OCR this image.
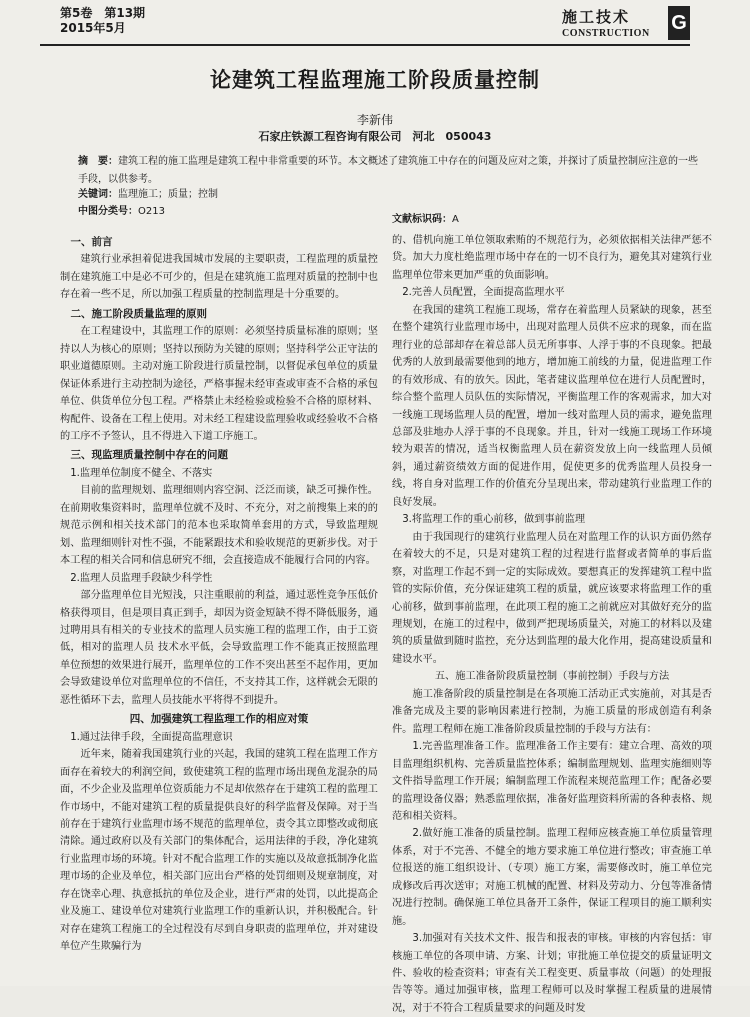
第5卷　第13期
2015年5月
施工技术
CONSTRUCTION G
论建筑工程监理施工阶段质量控制
李新伟
石家庄铁源工程咨询有限公司　河北　050043
摘　要：建筑工程的施工监理是建筑工程中非常重要的环节。本文概述了建筑施工中存在的问题及应对之策，并探讨了质量控制应注意的一些手段，以供参考。
关键词：监理施工；质量；控制
中图分类号：O213
文献标识码：A
一、前言

建筑行业承担着促进我国城市发展的主要职责，工程监理的质量控制在建筑施工中是必不可少的，但是在建筑施工监理对质量的控制中也存在着一些不足，所以加强工程质量的控制监理是十分重要的。

二、施工阶段质量监理的原则

在工程建设中，其监理工作的原则：必须坚持质量标准的原则；坚持以人为核心的原则；坚持以预防为关键的原则；坚持科学公正守法的职业道德原则。主动对施工阶段进行质量控制，以督促承包单位的质量保证体系进行主动控制为途径，严格事握未经审查或审查不合格的承包单位、供货单位分包工程。严格禁止未经检验或检验不合格的原材料、构配件、设备在工程上使用。对未经工程建设监理验收或经验收不合格的工序不予签认，且不得进入下道工序施工。

三、现监理质量控制中存在的问题
1.监理单位制度不健全、不落实

目前的监理规划、监理细则内容空洞、泛泛而谈，缺乏可操作性。在前期收集资料时，监理单位就不及时、不充分，对之前搜集上来的的规范示例和相关技术部门的范本也采取简单套用的方式，导致监理规划、监理细则针对性不强，不能紧跟技术和验收规范的更新步伐。对于本工程的相关合同和信息研究不细，会直接造成不能履行合同的内容。

2.监理人员监理手段缺少科学性

部分监理单位目光短浅，只注重眼前的利益，通过恶性竞争压低价格获得项目，但是项目真正到手，却因为资金短缺不得不降低服务，通过聘用具有相关的专业技术的监理人员实施工程的监理工作，由于工资低，相对的监理人员 技术水平低，会导致监理工作不能真正按照监理单位预想的效果进行展开，监理单位的工作不突出甚至不起作用，更加会导致建设单位对监理单位的不信任，不支持其工作，这样就会无限的恶性循环下去，监理人员技能水平将得不到提升。

四、加强建筑工程监理工作的相应对策
1.通过法律手段，全面提高监理意识

近年来，随着我国建筑行业的兴起，我国的建筑工程在监理工作方面存在着较大的利润空间，致使建筑工程的监理市场出现鱼龙混杂的局面，不少企业及监理单位资质能力不足却依然存在于建筑工程的监理工作市场中，不能对建筑工程的质量提供良好的科学监督及保障。对于当前存在于建筑行业监理市场不规范的监理单位，责令其立即整改或彻底清除。通过政府以及有关部门的集体配合，运用法律的手段，净化建筑行业监理市场的环境。针对不配合监理工作的实施以及故意抵制净化监理市场的企业及单位，相关部门应出台严格的处罚细则及规章制度，对存在饶幸心理、执意抵抗的单位及企业，进行严肃的处罚，以此提高企业及施工、建设单位对建筑行业监理工作的重新认识，并积极配合。针对存在建筑工程施工的全过程没有尽到自身职责的监理单位，并对建设单位产生欺骗行为

的、借机向施工单位领取索贿的不规范行为，必须依据相关法律严惩不贷。加大力度杜绝监理市场中存在的一切不良行为，避免其对建筑行业监理单位带来更加严重的负面影响。

2.完善人员配置，全面提高监理水平

在我国的建筑工程施工现场，常存在着监理人员紧缺的现象，甚至在整个建筑行业监理市场中，出现对监理人员供不应求的现象，而在监理行业的总部却存在着总部人员无所事事、人浮于事的不良现象。把最优秀的人放到最需要他到的地方，增加施工前线的力量，促进监理工作的有效形成、有的放矢。因此，笔者建议监理单位在进行人员配置时，综合整个监理人员队伍的实际情况，平衡监理工作的客观需求，加大对一线施工现场监理人员的配置，增加一线对监理人员的需求，避免监理总部及驻地办人浮于事的不良现象。并且，针对一线施工现场工作环境较为艰苦的情况，适当权衡监理人员在薪资发放上向一线监理人员倾斜，通过薪资绩效方面的促进作用，促使更多的优秀监理人员投身一线，将自身对监理工作的价值充分呈现出来，带动建筑行业监理工作的良好发展。

3.将监理工作的重心前移，做到事前监理

由于我国现行的建筑行业监理人员在对监理工作的认识方面仍然存在着较大的不足，只是对建筑工程的过程进行监督或者简单的事后监察，对监理工作起不到一定的实际成效。要想真正的发挥建筑工程中监管的实际价值，充分保证建筑工程的质量，就应该要求将监理工作的重心前移，做到事前监理，在此项工程的施工之前就应对其做好充分的监理规划，在施工的过程中，做到严把现场质量关，对施工的材料以及建筑的质量做到随时监控，充分达到监理的最大化作用，提高建设质量和建设水平。

五、施工准备阶段质量控制（事前控制）手段与方法

施工准备阶段的质量控制是在各项施工活动正式实施前，对其是否准备完成及主要的影响因素进行控制，为施工质量的形成创造有利条件。监理工程师在施工准备阶段质量控制的手段与方法有：

1.完善监理准备工作。监理准备工作主要有：建立合理、高效的项目监理组织机构、完善质量监控体系；编制监理规划、监理实施细则等文件指导监理工作开展；编制监理工作流程来规范监理工作；配备必要的监理设备仪器；熟悉监理依据，准备好监理资料所需的各种表格、规范和相关资料。

2.做好施工准备的质量控制。监理工程师应核查施工单位质量管理体系，对于不完善、不健全的地方要求施工单位进行整改；审查施工单位报送的施工组织设计、（专项）施工方案，需要修改时，施工单位完成修改后再次送审；对施工机械的配置、材料及劳动力、分包等准备情况进行控制。确保施工单位具备开工条件，保证工程项目的施工顺利实施。

3.加强对有关技术文件、报告和报表的审核。审核的内容包括：审核施工单位的各项申请、方案、计划；审批施工单位提交的质量证明文件、验收的检查资料；审查有关工程变更、质量事故（问题）的处理报告等等。通过加强审核，监理工程师可以及时掌握工程质量的进展情况，对于不符合工程质量要求的问题及时发
